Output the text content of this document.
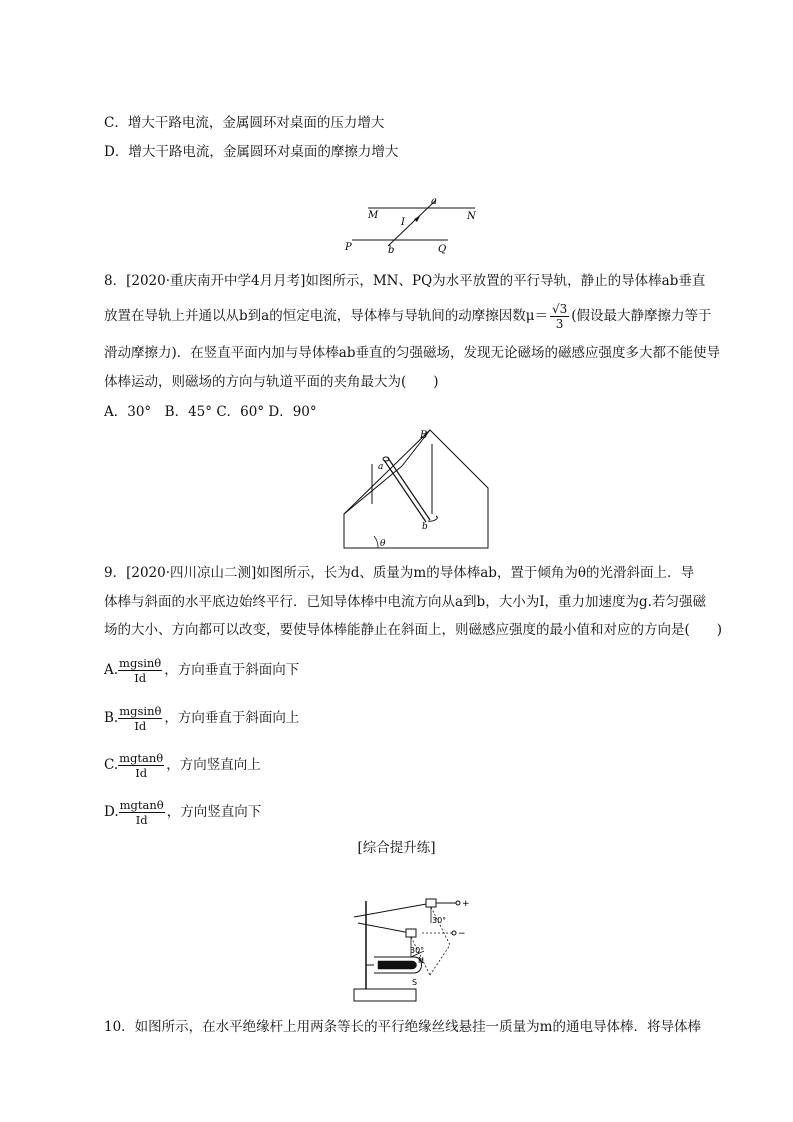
C．增大干路电流，金属圆环对桌面的压力增大
D．增大干路电流，金属圆环对桌面的摩擦力增大
M	N
P	Q
I
a
b
8．[2020·重庆南开中学4月月考]如图所示，MN、PQ为水平放置的平行导轨，静止的导体棒ab垂直
放置在导轨上并通以从b到a的恒定电流，导体棒与导轨间的动摩擦因数$\mu= \frac{√3}{3}$ (假设最大静摩擦力等于
滑动摩擦力)．在竖直平面内加与导体棒ab垂直的匀强磁场，发现无论磁场的磁感应强度多大都不能使导
体棒运动，则磁场的方向与轨道平面的夹角最大为(　　)
A．30°　B．45° C．60° D．90°
B
a
b
θ
9．[2020·四川凉山二测]如图所示，长为d、质量为m的导体棒ab，置于倾角为θ的光滑斜面上．导
体棒与斜面的水平底边始终平行．已知导体棒中电流方向从a到b，大小为I，重力加速度为g.若匀强磁
场的大小、方向都可以改变，要使导体棒能静止在斜面上，则磁感应强度的最小值和对应的方向是(　　)
A. $\frac{mgsin\theta}{Id}$ ，方向垂直于斜面向下
B. $\frac{mgsin\theta}{Id}$ ，方向垂直于斜面向上
C. $\frac{mgtan\theta}{Id}$ ，方向竖直向上
D. $\frac{mgtan\theta}{Id}$ ，方向竖直向下
[综合提升练]
+
−
30°
30°
N
S
10．如图所示，在水平绝缘杆上用两条等长的平行绝缘丝线悬挂一质量为m的通电导体棒．将导体棒
